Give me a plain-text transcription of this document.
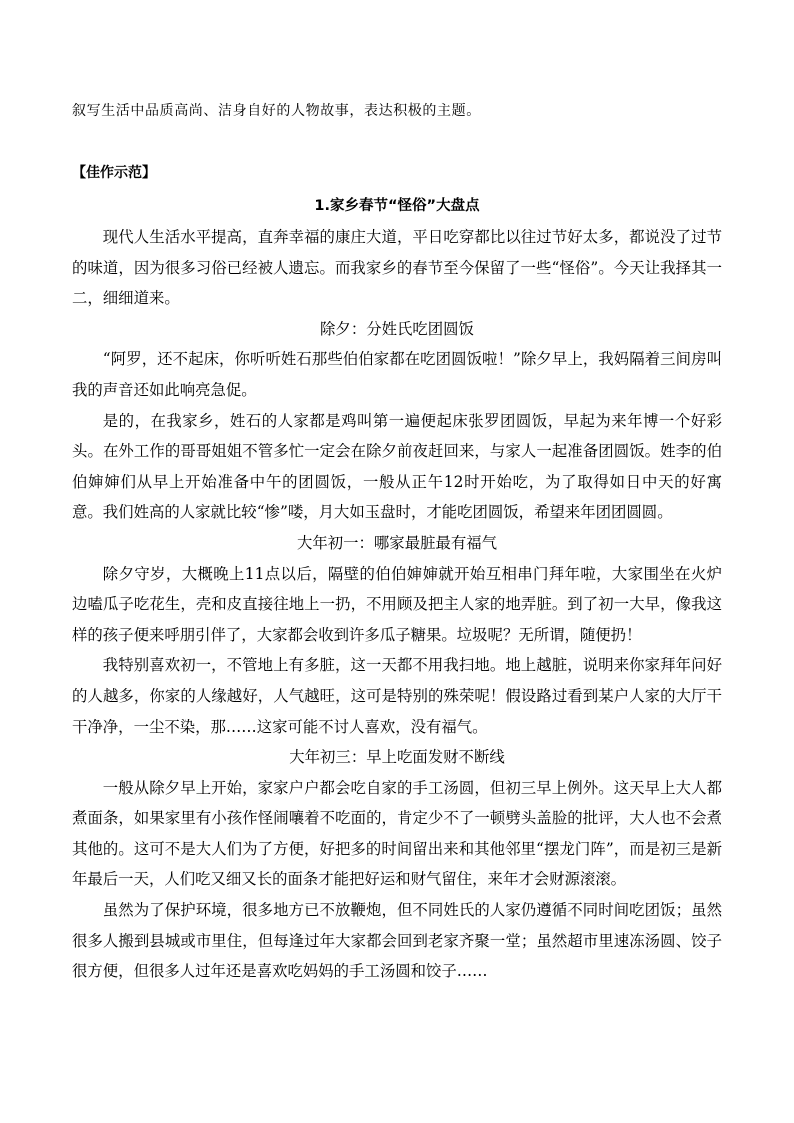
叙写生活中品质高尚、洁身自好的人物故事，表达积极的主题。
【佳作示范】
1.家乡春节“怪俗”大盘点

现代人生活水平提高，直奔幸福的康庄大道，平日吃穿都比以往过节好太多，都说没了过节的味道，因为很多习俗已经被人遗忘。而我家乡的春节至今保留了一些“怪俗”。今天让我择其一二，细细道来。

除夕：分姓氏吃团圆饭

“阿罗，还不起床，你听听姓石那些伯伯家都在吃团圆饭啦！”除夕早上，我妈隔着三间房叫我的声音还如此响亮急促。

是的，在我家乡，姓石的人家都是鸡叫第一遍便起床张罗团圆饭，早起为来年博一个好彩头。在外工作的哥哥姐姐不管多忙一定会在除夕前夜赶回来，与家人一起准备团圆饭。姓李的伯伯婶婶们从早上开始准备中午的团圆饭，一般从正午12时开始吃，为了取得如日中天的好寓意。我们姓高的人家就比较“惨”喽，月大如玉盘时，才能吃团圆饭，希望来年团团圆圆。

大年初一：哪家最脏最有福气

除夕守岁，大概晚上11点以后，隔壁的伯伯婶婶就开始互相串门拜年啦，大家围坐在火炉边嗑瓜子吃花生，壳和皮直接往地上一扔，不用顾及把主人家的地弄脏。到了初一大早，像我这样的孩子便来呼朋引伴了，大家都会收到许多瓜子糖果。垃圾呢？无所谓，随便扔！

我特别喜欢初一，不管地上有多脏，这一天都不用我扫地。地上越脏，说明来你家拜年问好的人越多，你家的人缘越好，人气越旺，这可是特别的殊荣呢！假设路过看到某户人家的大厅干干净净，一尘不染，那……这家可能不讨人喜欢，没有福气。

大年初三：早上吃面发财不断线

一般从除夕早上开始，家家户户都会吃自家的手工汤圆，但初三早上例外。这天早上大人都煮面条，如果家里有小孩作怪闹嚷着不吃面的，肯定少不了一顿劈头盖脸的批评，大人也不会煮其他的。这可不是大人们为了方便，好把多的时间留出来和其他邻里“摆龙门阵”，而是初三是新年最后一天，人们吃又细又长的面条才能把好运和财气留住，来年才会财源滚滚。

虽然为了保护环境，很多地方已不放鞭炮，但不同姓氏的人家仍遵循不同时间吃团饭；虽然很多人搬到县城或市里住，但每逢过年大家都会回到老家齐聚一堂；虽然超市里速冻汤圆、饺子很方便，但很多人过年还是喜欢吃妈妈的手工汤圆和饺子……
